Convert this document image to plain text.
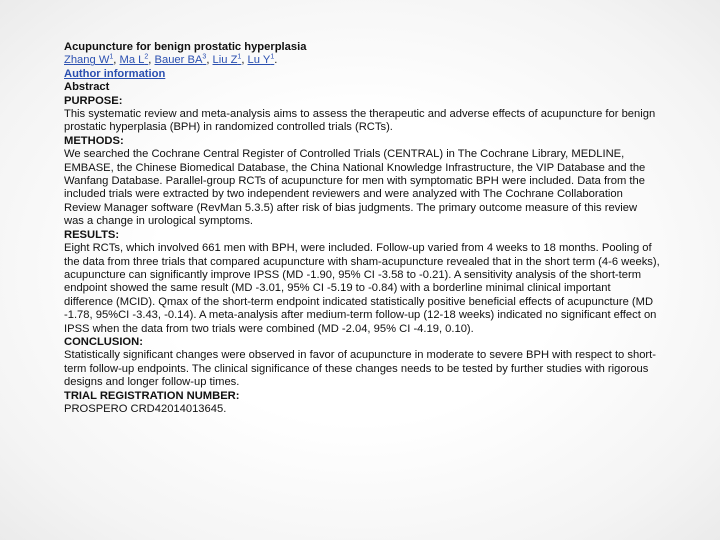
Acupuncture for benign prostatic hyperplasia

Zhang $W^1$, Ma $L^2$, Bauer $BA^3$, Liu $Z^1$, Lu $Y^1$.

Author information

Abstract

PURPOSE:

This systematic review and meta-analysis aims to assess the therapeutic and adverse effects of acupuncture for benign prostatic hyperplasia (BPH) in randomized controlled trials (RCTs).

METHODS:

We searched the Cochrane Central Register of Controlled Trials (CENTRAL) in The Cochrane Library, MEDLINE, EMBASE, the Chinese Biomedical Database, the China National Knowledge Infrastructure, the VIP Database and the Wanfang Database. Parallel-group RCTs of acupuncture for men with symptomatic BPH were included. Data from the included trials were extracted by two independent reviewers and were analyzed with The Cochrane Collaboration Review Manager software (RevMan 5.3.5) after risk of bias judgments. The primary outcome measure of this review was a change in urological symptoms.

RESULTS:

Eight RCTs, which involved 661 men with BPH, were included. Follow-up varied from 4 weeks to 18 months. Pooling of the data from three trials that compared acupuncture with sham-acupuncture revealed that in the short term (4-6 weeks), acupuncture can significantly improve IPSS (MD -1.90, 95% CI -3.58 to -0.21). A sensitivity analysis of the short-term endpoint showed the same result (MD -3.01, 95% CI -5.19 to -0.84) with a borderline minimal clinical important difference (MCID). Qmax of the short-term endpoint indicated statistically positive beneficial effects of acupuncture (MD -1.78, 95%CI -3.43, -0.14). A meta-analysis after medium-term follow-up (12-18 weeks) indicated no significant effect on IPSS when the data from two trials were combined (MD -2.04, 95% CI -4.19, 0.10).

CONCLUSION:

Statistically significant changes were observed in favor of acupuncture in moderate to severe BPH with respect to short-term follow-up endpoints. The clinical significance of these changes needs to be tested by further studies with rigorous designs and longer follow-up times.

TRIAL REGISTRATION NUMBER:

PROSPERO CRD42014013645.
